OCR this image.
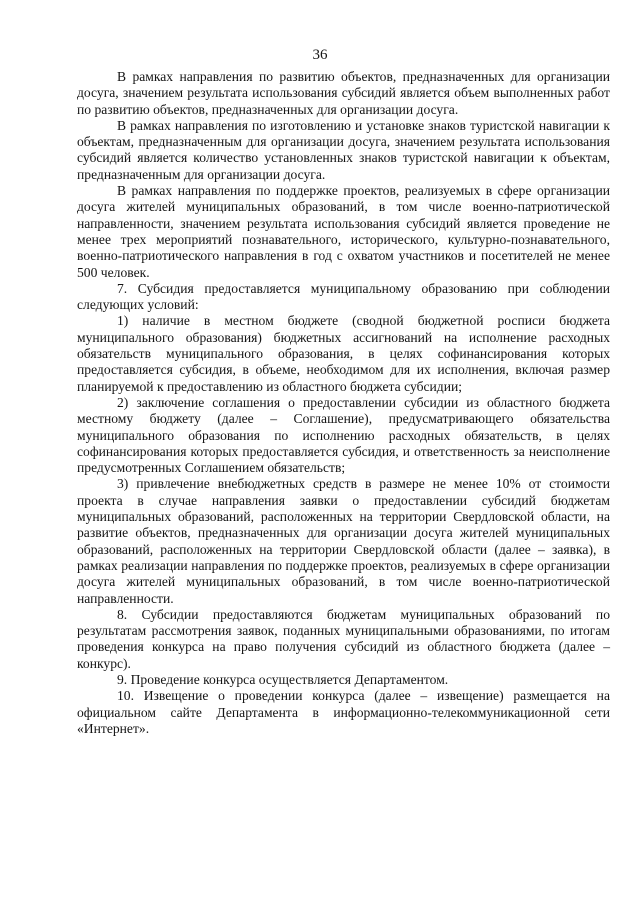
36

В рамках направления по развитию объектов, предназначенных для организации досуга, значением результата использования субсидий является объем выполненных работ по развитию объектов, предназначенных для организации досуга.

В рамках направления по изготовлению и установке знаков туристской навигации к объектам, предназначенным для организации досуга, значением результата использования субсидий является количество установленных знаков туристской навигации к объектам, предназначенным для организации досуга.

В рамках направления по поддержке проектов, реализуемых в сфере организации досуга жителей муниципальных образований, в том числе военно-патриотической направленности, значением результата использования субсидий является проведение не менее трех мероприятий познавательного, исторического, культурно-познавательного, военно-патриотического направления в год с охватом участников и посетителей не менее 500 человек.

7. Субсидия предоставляется муниципальному образованию при соблюдении следующих условий:

1) наличие в местном бюджете (сводной бюджетной росписи бюджета муниципального образования) бюджетных ассигнований на исполнение расходных обязательств муниципального образования, в целях софинансирования которых предоставляется субсидия, в объеме, необходимом для их исполнения, включая размер планируемой к предоставлению из областного бюджета субсидии;

2) заключение соглашения о предоставлении субсидии из областного бюджета местному бюджету (далее – Соглашение), предусматривающего обязательства муниципального образования по исполнению расходных обязательств, в целях софинансирования которых предоставляется субсидия, и ответственность за неисполнение предусмотренных Соглашением обязательств;

3) привлечение внебюджетных средств в размере не менее 10% от стоимости проекта в случае направления заявки о предоставлении субсидий бюджетам муниципальных образований, расположенных на территории Свердловской области, на развитие объектов, предназначенных для организации досуга жителей муниципальных образований, расположенных на территории Свердловской области (далее – заявка), в рамках реализации направления по поддержке проектов, реализуемых в сфере организации досуга жителей муниципальных образований, в том числе военно-патриотической направленности.

8. Субсидии предоставляются бюджетам муниципальных образований по результатам рассмотрения заявок, поданных муниципальными образованиями, по итогам проведения конкурса на право получения субсидий из областного бюджета (далее – конкурс).

9. Проведение конкурса осуществляется Департаментом.

10. Извещение о проведении конкурса (далее – извещение) размещается на официальном сайте Департамента в информационно-телекоммуникационной сети «Интернет».
